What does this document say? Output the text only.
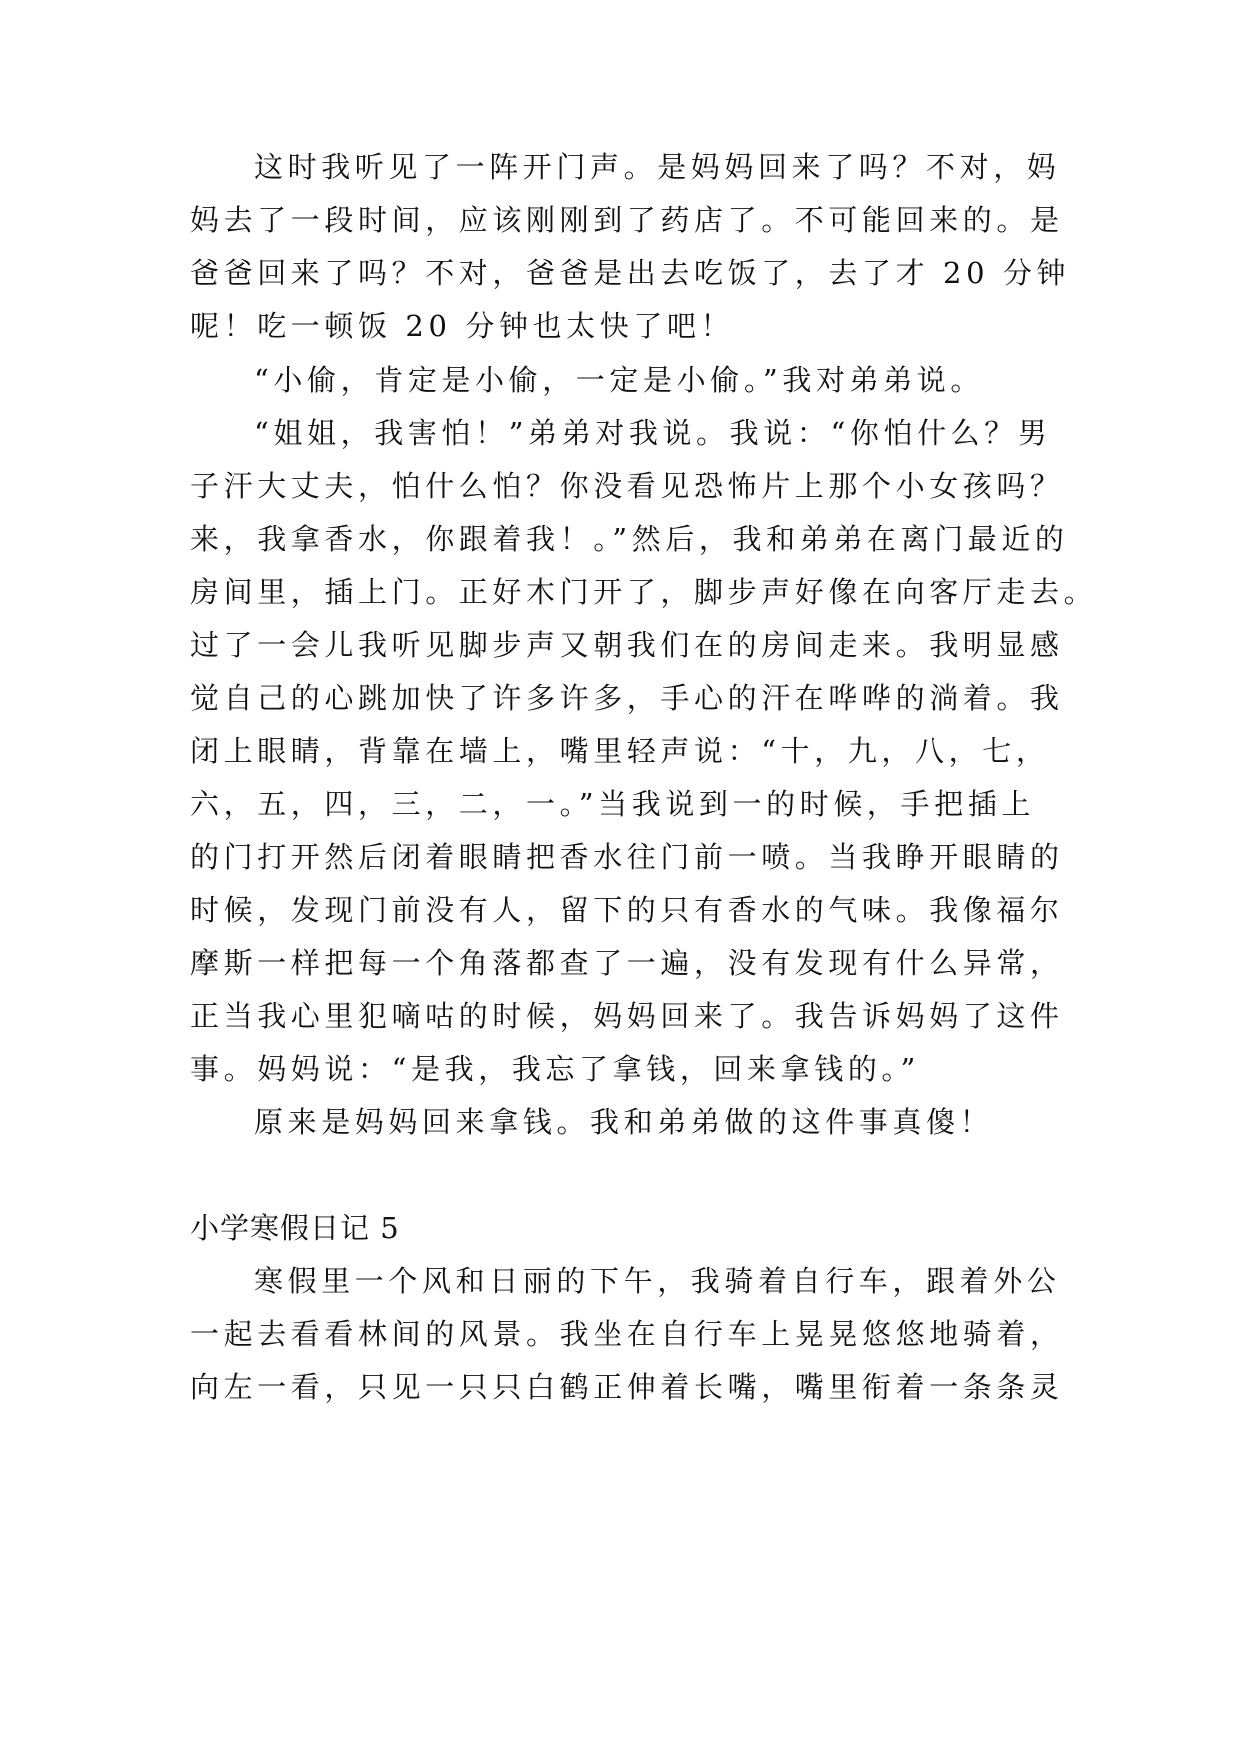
这时我听见了一阵开门声。是妈妈回来了吗？不对，妈
妈去了一段时间，应该刚刚到了药店了。不可能回来的。是
爸爸回来了吗？不对，爸爸是出去吃饭了，去了才 20 分钟
呢！吃一顿饭 20 分钟也太快了吧！
“小偷，肯定是小偷，一定是小偷。”我对弟弟说。
“姐姐，我害怕！”弟弟对我说。我说：“你怕什么？男
子汗大丈夫，怕什么怕？你没看见恐怖片上那个小女孩吗？
来，我拿香水，你跟着我！。”然后，我和弟弟在离门最近的
房间里，插上门。正好木门开了，脚步声好像在向客厅走去。
过了一会儿我听见脚步声又朝我们在的房间走来。我明显感
觉自己的心跳加快了许多许多，手心的汗在哗哗的淌着。我
闭上眼睛，背靠在墙上，嘴里轻声说：“十，九，八，七，
六，五，四，三，二，一。”当我说到一的时候，手把插上
的门打开然后闭着眼睛把香水往门前一喷。当我睁开眼睛的
时候，发现门前没有人，留下的只有香水的气味。我像福尔
摩斯一样把每一个角落都查了一遍，没有发现有什么异常，
正当我心里犯嘀咕的时候，妈妈回来了。我告诉妈妈了这件
事。妈妈说：“是我，我忘了拿钱，回来拿钱的。”
原来是妈妈回来拿钱。我和弟弟做的这件事真傻！
小学寒假日记 5
寒假里一个风和日丽的下午，我骑着自行车，跟着外公
一起去看看林间的风景。我坐在自行车上晃晃悠悠地骑着，
向左一看，只见一只只白鹤正伸着长嘴，嘴里衔着一条条灵
